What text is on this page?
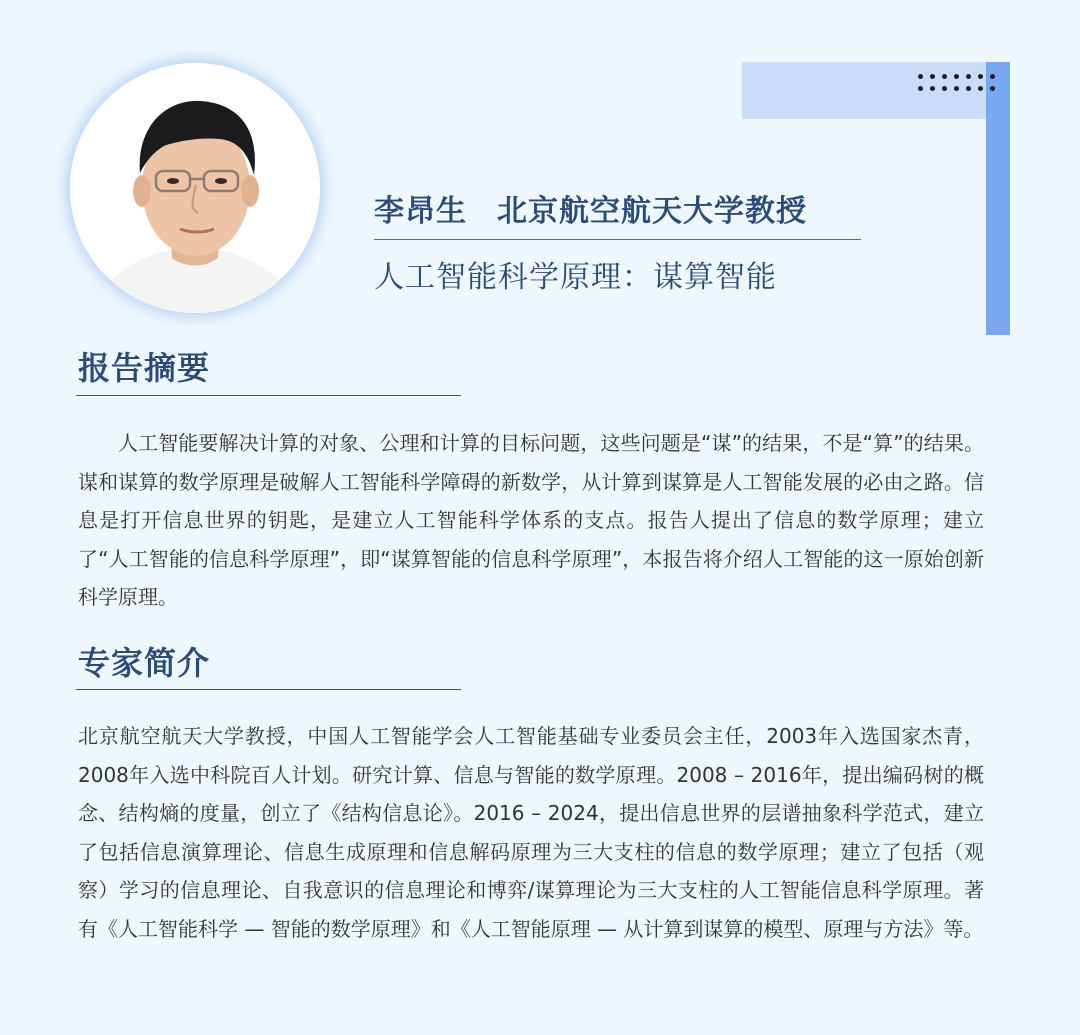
李昂生 北京航空航天大学教授
人工智能科学原理：谋算智能
报告摘要

人工智能要解决计算的对象、公理和计算的目标问题，这些问题是“谋”的结果，不是“算”的结果。谋和谋算的数学原理是破解人工智能科学障碍的新数学，从计算到谋算是人工智能发展的必由之路。信息是打开信息世界的钥匙，是建立人工智能科学体系的支点。报告人提出了信息的数学原理；建立了“人工智能的信息科学原理”，即“谋算智能的信息科学原理”，本报告将介绍人工智能的这一原始创新科学原理。

专家简介

北京航空航天大学教授，中国人工智能学会人工智能基础专业委员会主任，2003年入选国家杰青，2008年入选中科院百人计划。研究计算、信息与智能的数学原理。2008 – 2016年，提出编码树的概念、结构熵的度量，创立了《结构信息论》。2016 – 2024，提出信息世界的层谱抽象科学范式，建立了包括信息演算理论、信息生成原理和信息解码原理为三大支柱的信息的数学原理；建立了包括（观察）学习的信息理论、自我意识的信息理论和博弈/谋算理论为三大支柱的人工智能信息科学原理。著有《人工智能科学 — 智能的数学原理》和《人工智能原理 — 从计算到谋算的模型、原理与方法》等。
